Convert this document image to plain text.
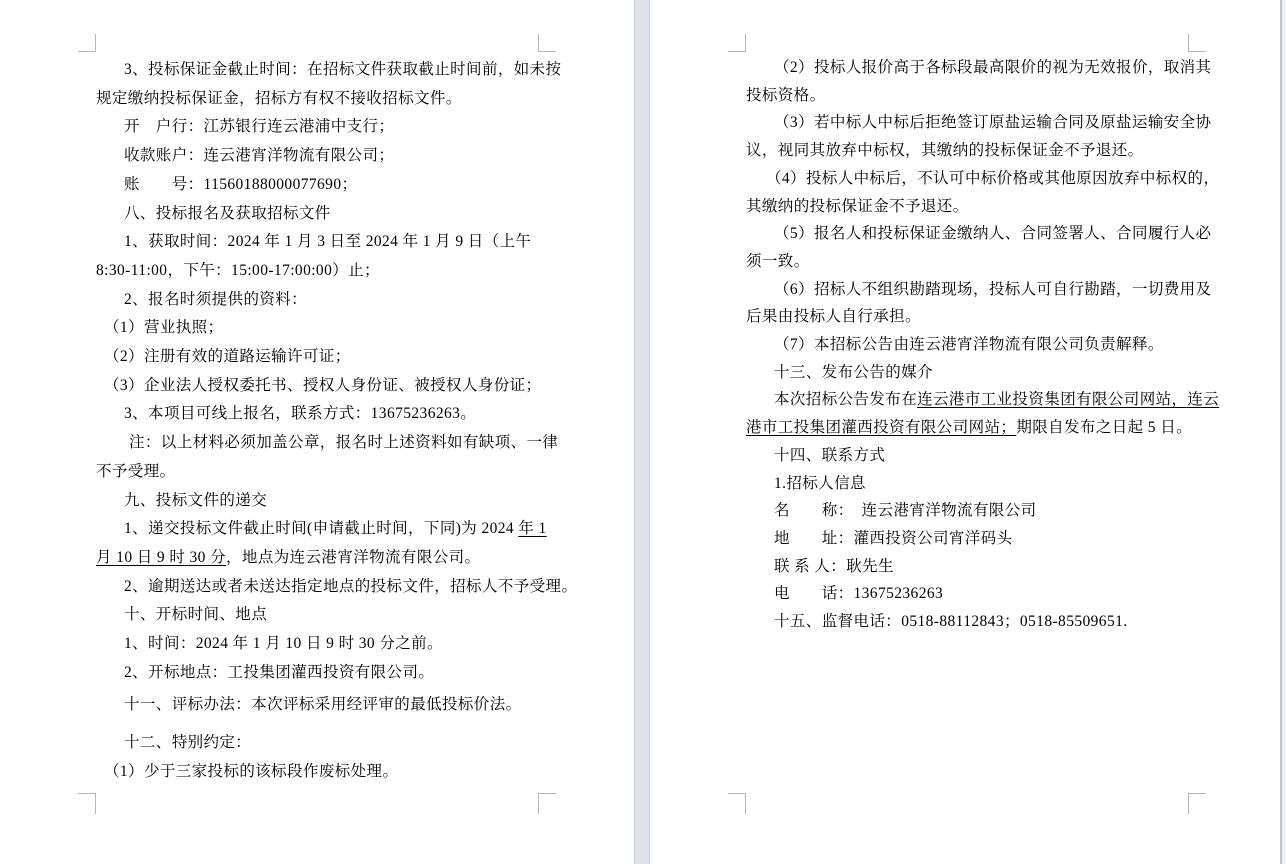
3、投标保证金截止时间：在招标文件获取截止时间前，如未按
规定缴纳投标保证金，招标方有权不接收招标文件。
开　户行：江苏银行连云港浦中支行；
收款账户：连云港宵洋物流有限公司；
账　　号：11560188000077690；
八、投标报名及获取招标文件
1、获取时间：2024 年 1 月 3 日至 2024 年 1 月 9 日（上午
8:30-11:00，下午：15:00-17:00:00）止；
2、报名时须提供的资料：
（1）营业执照；
（2）注册有效的道路运输许可证；
（3）企业法人授权委托书、授权人身份证、被授权人身份证；
3、本项目可线上报名，联系方式：13675236263。
注：以上材料必须加盖公章，报名时上述资料如有缺项、一律
不予受理。
九、投标文件的递交
1、递交投标文件截止时间(申请截止时间，下同)为 2024 年 1
月 10 日 9 时 30 分，地点为连云港宵洋物流有限公司。
2、逾期送达或者未送达指定地点的投标文件，招标人不予受理。
十、开标时间、地点
1、时间：2024 年 1 月 10 日 9 时 30 分之前。
2、开标地点：工投集团灌西投资有限公司。
十一、评标办法：本次评标采用经评审的最低投标价法。
十二、特别约定：
（1）少于三家投标的该标段作废标处理。
（2）投标人报价高于各标段最高限价的视为无效报价，取消其
投标资格。
（3）若中标人中标后拒绝签订原盐运输合同及原盐运输安全协
议，视同其放弃中标权，其缴纳的投标保证金不予退还。
（4）投标人中标后，不认可中标价格或其他原因放弃中标权的，
其缴纳的投标保证金不予退还。
（5）报名人和投标保证金缴纳人、合同签署人、合同履行人必
须一致。
（6）招标人不组织勘踏现场，投标人可自行勘踏，一切费用及
后果由投标人自行承担。
（7）本招标公告由连云港宵洋物流有限公司负责解释。
十三、发布公告的媒介
本次招标公告发布在连云港市工业投资集团有限公司网站，连云
港市工投集团灌西投资有限公司网站；期限自发布之日起 5 日。
十四、联系方式
1.招标人信息
名　　称：　连云港宵洋物流有限公司
地　　址：灌西投资公司宵洋码头
联 系 人：耿先生
电　　话：13675236263
十五、监督电话：0518-88112843；0518-85509651.
